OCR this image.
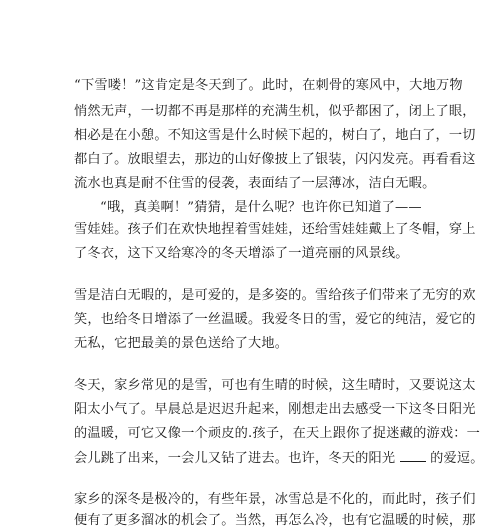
“下雪喽！”这肯定是冬天到了。此时，在刺骨的寒风中，大地万物
悄然无声，一切都不再是那样的充满生机，似乎都困了，闭上了眼，
相必是在小憩。不知这雪是什么时候下起的，树白了，地白了，一切
都白了。放眼望去，那边的山好像披上了银装，闪闪发亮。再看看这
流水也真是耐不住雪的侵袭，表面结了一层薄冰，洁白无暇。
“哦，真美啊！”猜猜，是什么呢？也许你已知道了——
雪娃娃。孩子们在欢快地捏着雪娃娃，还给雪娃娃戴上了冬帽，穿上
了冬衣，这下又给寒冷的冬天增添了一道亮丽的风景线。
雪是洁白无暇的，是可爱的，是多姿的。雪给孩子们带来了无穷的欢
笑，也给冬日增添了一丝温暖。我爱冬日的雪，爱它的纯洁，爱它的
无私，它把最美的景色送给了大地。
冬天，家乡常见的是雪，可也有生晴的时候，这生晴时，又要说这太
阳太小气了。早晨总是迟迟升起来，刚想走出去感受一下这冬日阳光
的温暖，可它又像一个顽皮的.孩子，在天上跟你了捉迷藏的游戏：一
会儿跳了出来，一会儿又钻了进去。也许，冬天的阳光	的爱逗。
家乡的深冬是极冷的，有些年景，冰雪总是不化的，而此时，孩子们
便有了更多溜冰的机会了。当然，再怎么冷，也有它温暖的时候，那
